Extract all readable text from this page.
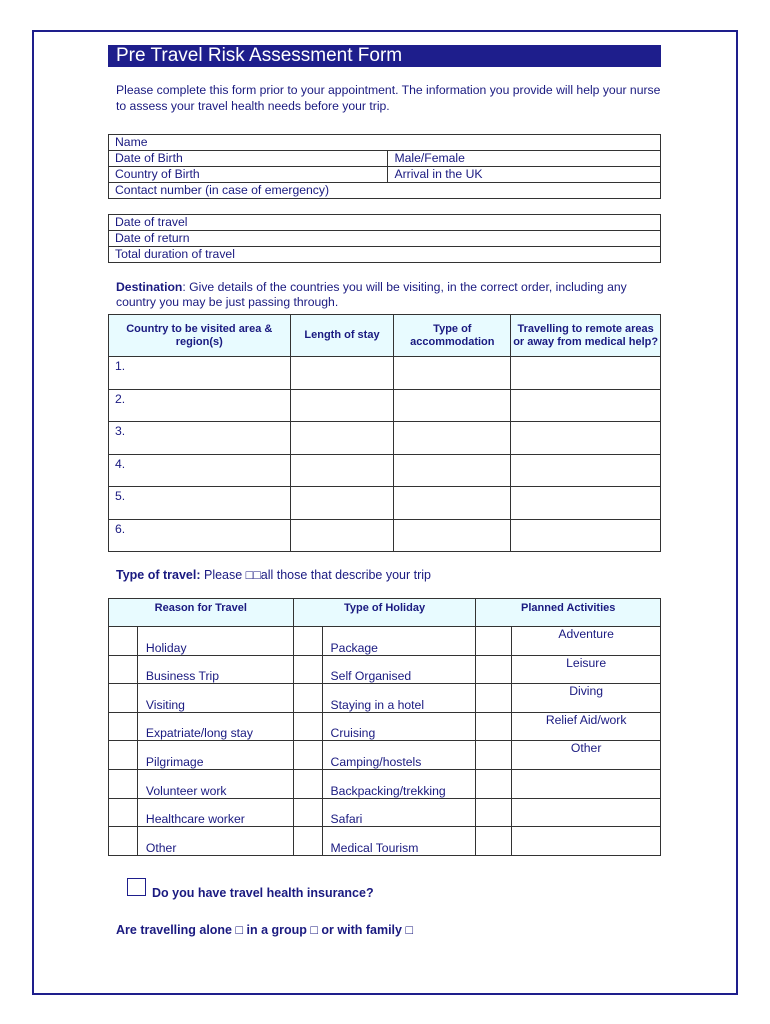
Pre Travel Risk Assessment Form
Please complete this form prior to your appointment. The information you provide will help your nurse to assess your travel health needs before your trip.
Name	
Date of Birth	Male/Female
Country of Birth	Arrival in the UK
Contact number (in case of emergency)	
Date of travel
Date of return
Total duration of travel
Destination: Give details of the countries you will be visiting, in the correct order, including any country you may be just passing through.
Country to be visited area & region(s)	Length of stay	Type of accommodation	Travelling to remote areas or away from medical help?
1.			
2.			
3.			
4.			
5.			
6.			
Type of travel: Please □□all those that describe your trip
Reason for Travel		Type of Holiday		Planned Activities	
	Holiday		Package		Adventure
	Business Trip		Self Organised		Leisure
	Visiting		Staying in a hotel		Diving
	Expatriate/long stay		Cruising		Relief Aid/work
	Pilgrimage		Camping/hostels		Other
	Volunteer work		Backpacking/trekking		
	Healthcare worker		Safari		
	Other		Medical Tourism		
Do you have travel health insurance?
Are travelling alone □ in a group □ or with family □
